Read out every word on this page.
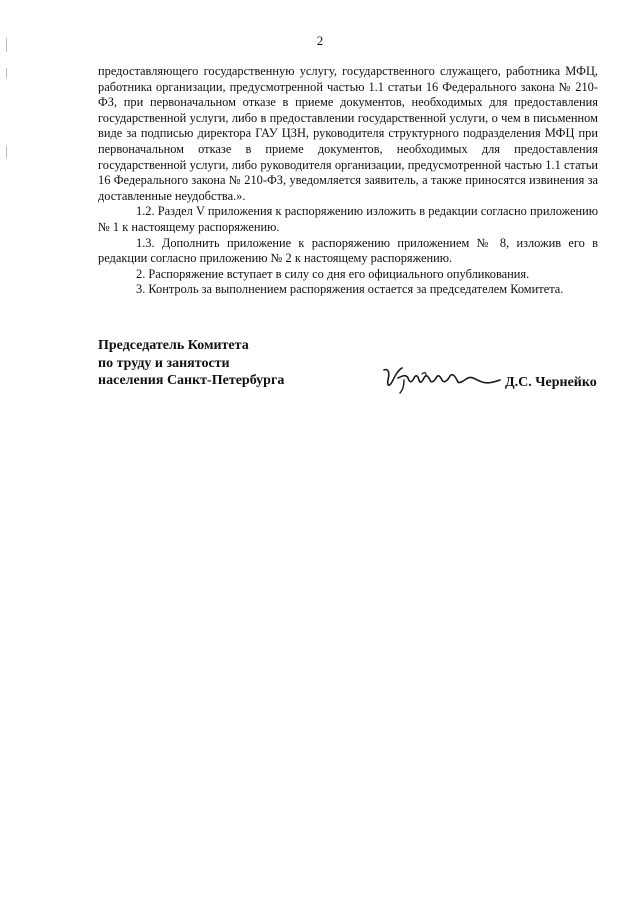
2

предоставляющего государственную услугу, государственного служащего, работника МФЦ, работника организации, предусмотренной частью 1.1 статьи 16 Федерального закона № 210-ФЗ, при первоначальном отказе в приеме документов, необходимых для предоставления государственной услуги, либо в предоставлении государственной услуги, о чем в письменном виде за подписью директора ГАУ ЦЗН, руководителя структурного подразделения МФЦ при первоначальном отказе в приеме документов, необходимых для предоставления государственной услуги, либо руководителя организации, предусмотренной частью 1.1 статьи 16 Федерального закона № 210-ФЗ, уведомляется заявитель, а также приносятся извинения за доставленные неудобства.».

1.2. Раздел V приложения к распоряжению изложить в редакции согласно приложению № 1 к настоящему распоряжению.

1.3. Дополнить приложение к распоряжению приложением № 8, изложив его в редакции согласно приложению № 2 к настоящему распоряжению.

2. Распоряжение вступает в силу со дня его официального опубликования.

3. Контроль за выполнением распоряжения остается за председателем Комитета.

Председатель Комитета
по труду и занятости
населения Санкт-Петербурга	Д.С. Чернейко
